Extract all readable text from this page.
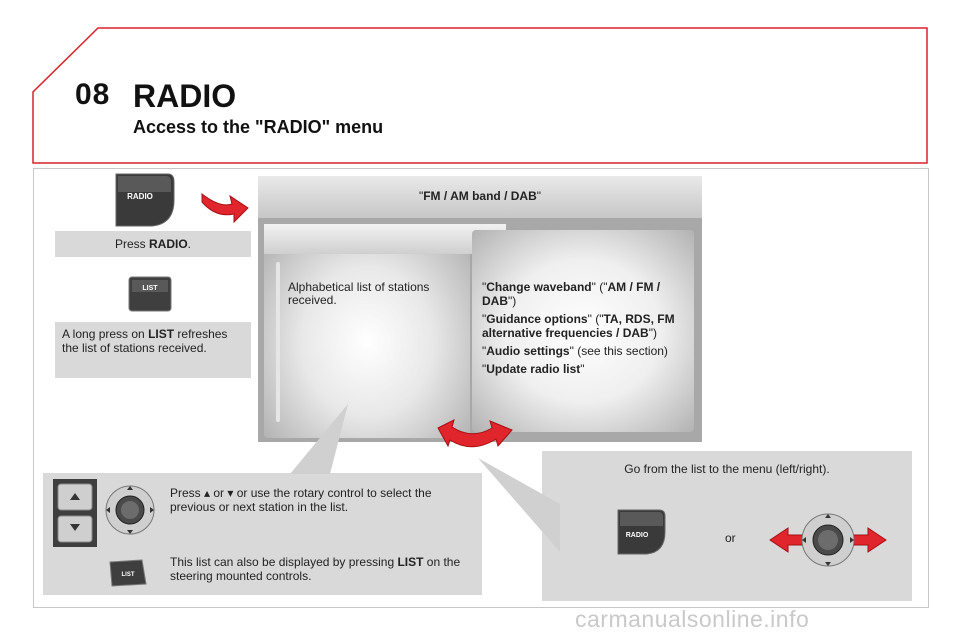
08 RADIO
Access to the "RADIO" menu
RADIO
Press RADIO.
LIST
A long press on LIST refreshes the list of stations received.
"FM / AM band / DAB"
Alphabetical list of stations received.
"Change waveband" ("AM / FM / DAB")
"Guidance options" ("TA, RDS, FM alternative frequencies / DAB")
"Audio settings" (see this section)
"Update radio list"
Press ▴ or ▾ or use the rotary control to select the previous or next station in the list.
LIST
This list can also be displayed by pressing LIST on the steering mounted controls.
Go from the list to the menu (left/right).
RADIO	or
carmanualsonline.info
